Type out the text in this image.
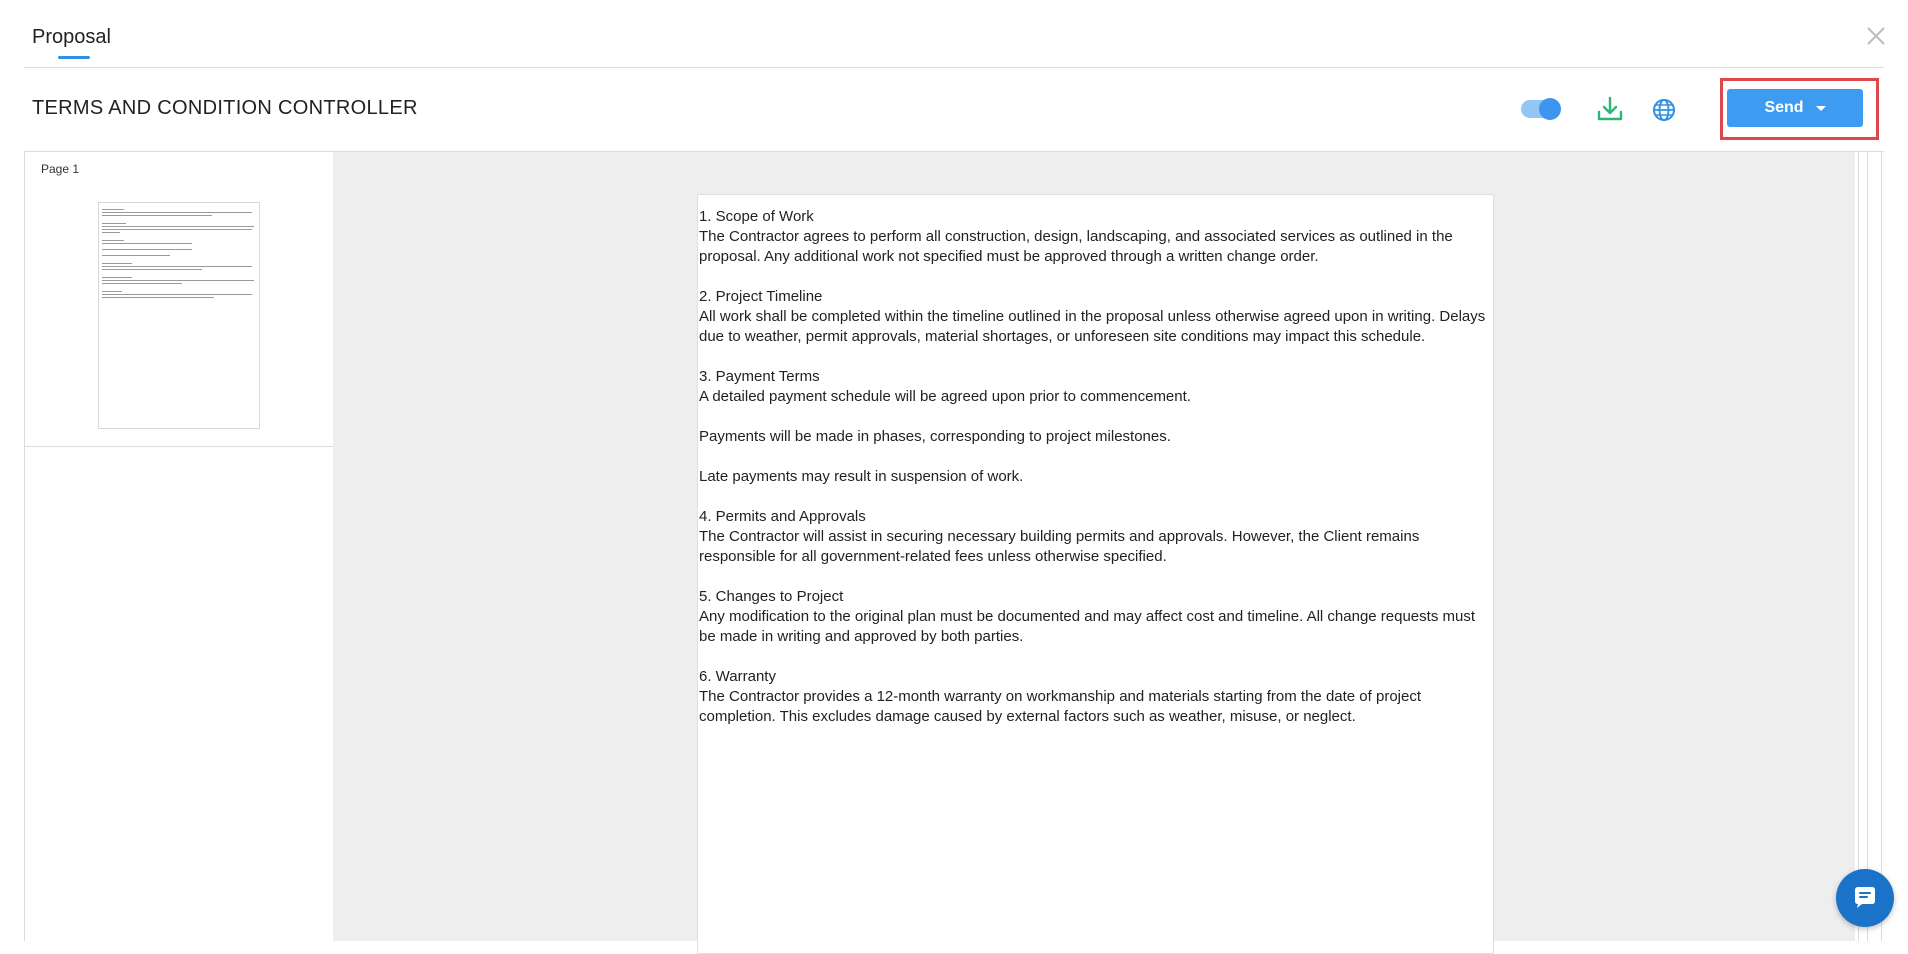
Proposal
TERMS AND CONDITION CONTROLLER	Send
Page 1
1. Scope of Work
The Contractor agrees to perform all construction, design, landscaping, and associated services as outlined in the proposal. Any additional work not specified must be approved through a written change order.
2. Project Timeline
All work shall be completed within the timeline outlined in the proposal unless otherwise agreed upon in writing. Delays due to weather, permit approvals, material shortages, or unforeseen site conditions may impact this schedule.
3. Payment Terms
A detailed payment schedule will be agreed upon prior to commencement.
Payments will be made in phases, corresponding to project milestones.
Late payments may result in suspension of work.
4. Permits and Approvals
The Contractor will assist in securing necessary building permits and approvals. However, the Client remains responsible for all government-related fees unless otherwise specified.
5. Changes to Project
Any modification to the original plan must be documented and may affect cost and timeline. All change requests must be made in writing and approved by both parties.
6. Warranty
The Contractor provides a 12-month warranty on workmanship and materials starting from the date of project completion. This excludes damage caused by external factors such as weather, misuse, or neglect.
